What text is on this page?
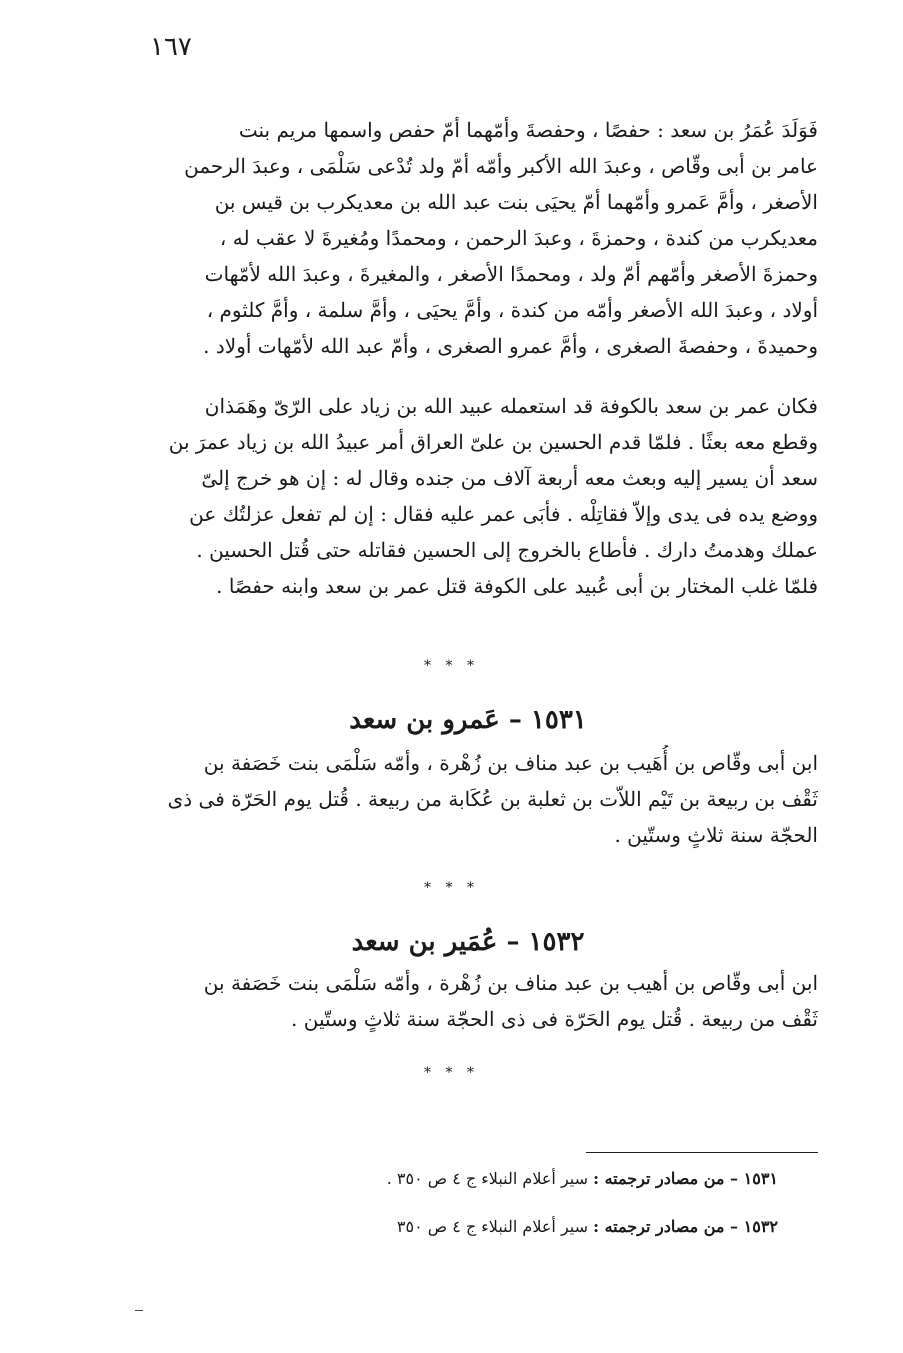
١٦٧
فَوَلَدَ عُمَرُ بن سعد : حفصًا ، وحفصةَ وأمّهما أمّ حفص واسمها مريم بنت
عامر بن أبى وقّاص ، وعبدَ الله الأكبر وأمّه أمّ ولد تُدْعى سَلْمَى ، وعبدَ الرحمن
الأصغر ، وأمَّ عَمرو وأمّهما أمّ يحيَى بنت عبد الله بن معديكرب بن قيس بن
معديكرب من كندة ، وحمزةَ ، وعبدَ الرحمن ، ومحمدًا ومُغيرةَ لا عقب له ،
وحمزةَ الأصغر وأمّهم أمّ ولد ، ومحمدًا الأصغر ، والمغيرةَ ، وعبدَ الله لأمّهات
أولاد ، وعبدَ الله الأصغر وأمّه من كندة ، وأمَّ يحيَى ، وأمَّ سلمة ، وأمَّ كلثوم ،
وحميدةَ ، وحفصةَ الصغرى ، وأمَّ عمرو الصغرى ، وأمّ عبد الله لأمّهات أولاد .
فكان عمر بن سعد بالكوفة قد استعمله عبيد الله بن زياد على الرّىّ وهَمَذان
وقطع معه بعثًا . فلمّا قدم الحسين بن علىّ العراق أمر عبيدُ الله بن زياد عمرَ بن
سعد أن يسير إليه وبعث معه أربعة آلاف من جنده وقال له : إن هو خرج إلىّ
ووضع يده فى يدى وإلاّ فقاتِلْه . فأبَى عمر عليه فقال : إن لم تفعل عزلتُك عن
عملك وهدمتُ دارك . فأطاع بالخروج إلى الحسين فقاتله حتى قُتل الحسين .
فلمّا غلب المختار بن أبى عُبيد على الكوفة قتل عمر بن سعد وابنه حفصًا .
* * *
١٥٣١ – عَمرو بن سعد
ابن أبى وقّاص بن أُهَيب بن عبد مناف بن زُهْرة ، وأمّه سَلْمَى بنت خَصَفة بن
ثَقْف بن ربيعة بن تَيْم اللاّت بن ثعلبة بن عُكَابة من ربيعة . قُتل يوم الحَرّة فى ذى
الحجّة سنة ثلاثٍ وستّين .
* * *
١٥٣٢ – عُمَير بن سعد
ابن أبى وقّاص بن أهيب بن عبد مناف بن زُهْرة ، وأمّه سَلْمَى بنت خَصَفة بن
ثَقْف من ربيعة . قُتل يوم الحَرّة فى ذى الحجّة سنة ثلاثٍ وستّين .
* * *
١٥٣١ – من مصادر ترجمته : سير أعلام النبلاء ج ٤ ص ٣٥٠ .
١٥٣٢ – من مصادر ترجمته : سير أعلام النبلاء ج ٤ ص ٣٥٠
